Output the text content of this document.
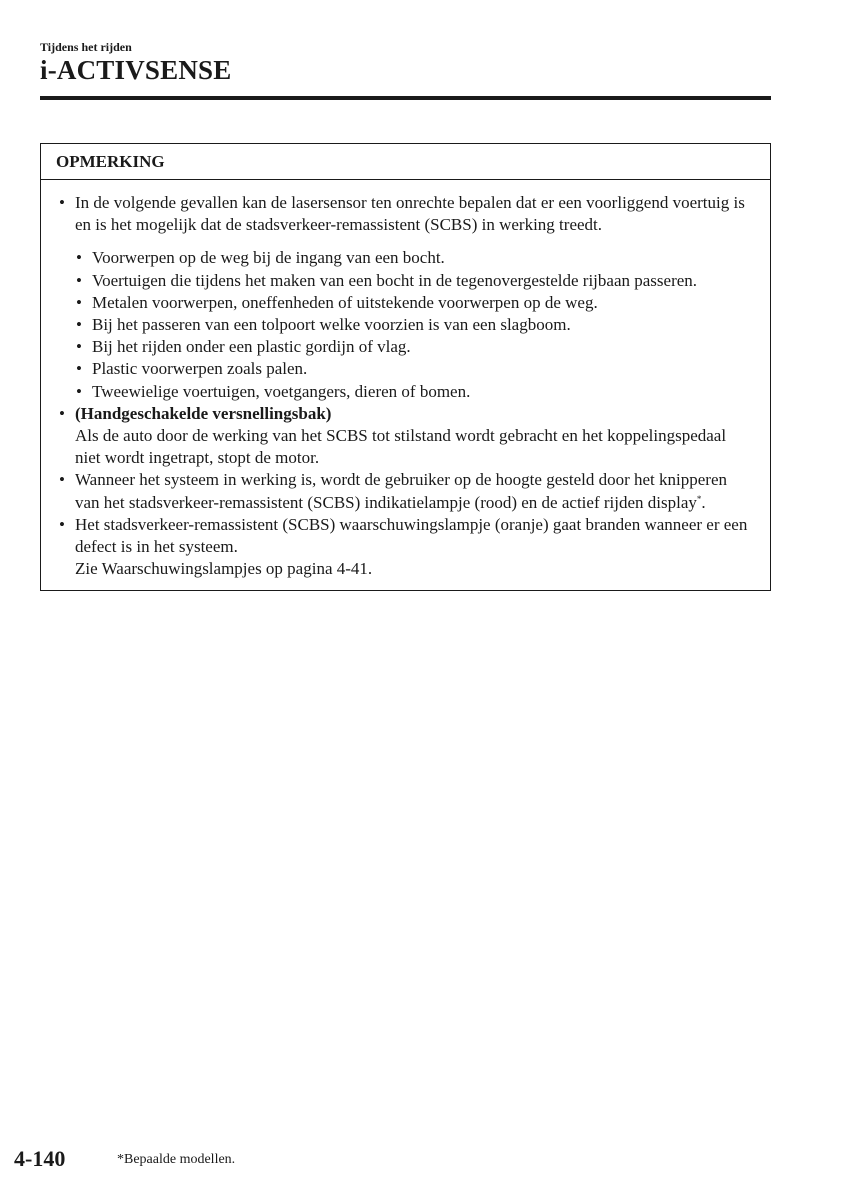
Tijdens het rijden
i-ACTIVSENSE
OPMERKING
• In de volgende gevallen kan de lasersensor ten onrechte bepalen dat er een voorliggend voertuig is en is het mogelijk dat de stadsverkeer-remassistent (SCBS) in werking treedt.
• Voorwerpen op de weg bij de ingang van een bocht.
• Voertuigen die tijdens het maken van een bocht in de tegenovergestelde rijbaan passeren.
• Metalen voorwerpen, oneffenheden of uitstekende voorwerpen op de weg.
• Bij het passeren van een tolpoort welke voorzien is van een slagboom.
• Bij het rijden onder een plastic gordijn of vlag.
• Plastic voorwerpen zoals palen.
• Tweewielige voertuigen, voetgangers, dieren of bomen.
• (Handgeschakelde versnellingsbak)
Als de auto door de werking van het SCBS tot stilstand wordt gebracht en het koppelingspedaal niet wordt ingetrapt, stopt de motor.
• Wanneer het systeem in werking is, wordt de gebruiker op de hoogte gesteld door het knipperen van het stadsverkeer-remassistent (SCBS) indikatielampje (rood) en de actief rijden display*.
• Het stadsverkeer-remassistent (SCBS) waarschuwingslampje (oranje) gaat branden wanneer er een defect is in het systeem.
Zie Waarschuwingslampjes op pagina 4-41.
4-140	*Bepaalde modellen.
